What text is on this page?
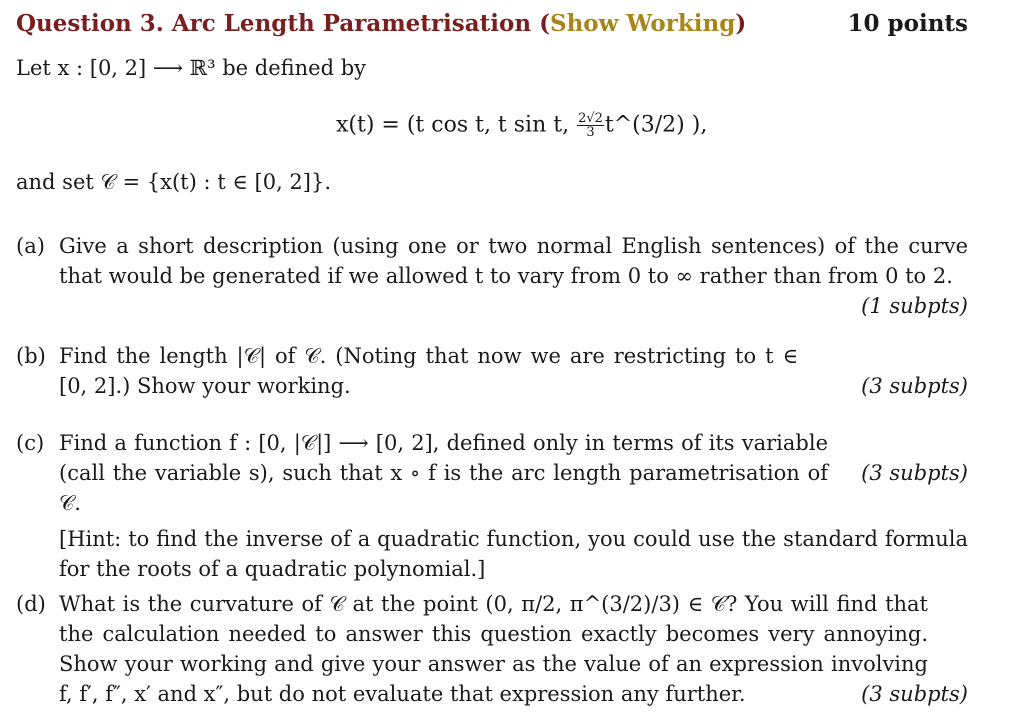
Question 3. Arc Length Parametrisation (Show Working)	10 points
Let x : [0, 2] ⟶ ℝ³ be defined by
x(t) = (t cos t, t sin t, $\frac{2√2}{3}$ t^(3/2) ),
and set 𝒞 = {x(t) : t ∈ [0, 2]}.
(a) Give a short description (using one or two normal English sentences) of the curve that would be generated if we allowed t to vary from 0 to ∞ rather than from 0 to 2.
(1 subpts)
(b) Find the length |𝒞| of 𝒞. (Noting that now we are restricting to t ∈ [0, 2].) Show your working.	(3 subpts)
(c) Find a function f : [0, |𝒞|] ⟶ [0, 2], defined only in terms of its variable (call the variable s), such that x ∘ f is the arc length parametrisation of 𝒞.
(3 subpts)
[Hint: to find the inverse of a quadratic function, you could use the standard formula for the roots of a quadratic polynomial.]
(d) What is the curvature of 𝒞 at the point (0, π/2, π^(3/2)/3) ∈ 𝒞? You will find that the calculation needed to answer this question exactly becomes very annoying. Show your working and give your answer as the value of an expression involving f, f′, f″, x′ and x″, but do not evaluate that expression any further.	(3 subpts)
